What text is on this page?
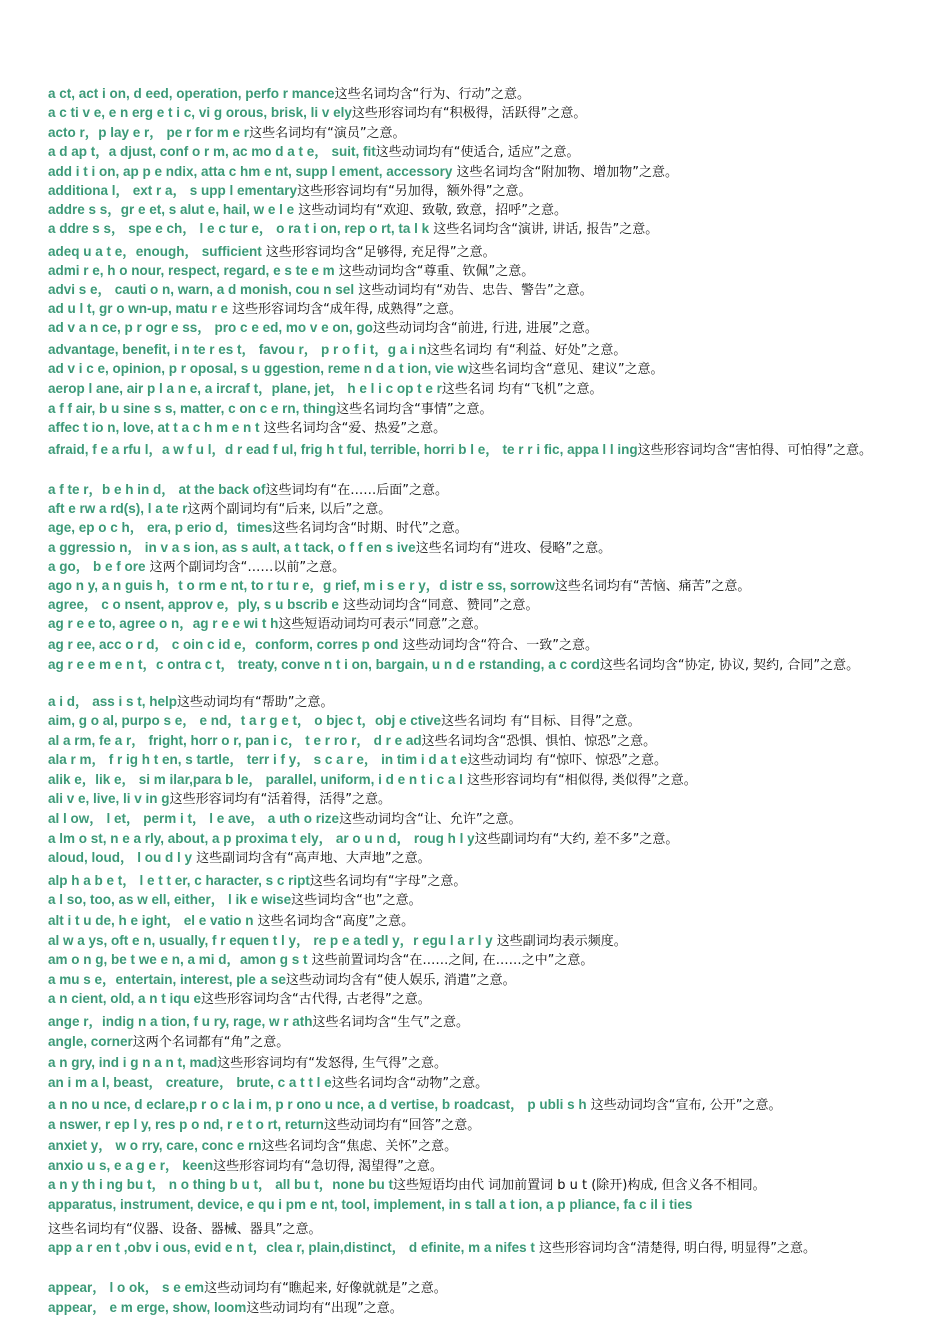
a ct, act i on, d eed, operation, perfo r mance这些名词均含“行为、行动”之意。
a c ti v e, e n erg e t i c, vi g orous, brisk, li v ely这些形容词均有“积极得，活跃得”之意。
acto r，p lay e r， pe r for m e r这些名词均有“演员”之意。
a d ap t，a djust, conf o r m, ac mo d a t e， suit, fit这些动词均有“使适合, 适应”之意。
add i t i on, ap p e ndix, atta c hm e nt, supp l ement, accessory 这些名词均含“附加物、增加物”之意。
additiona l， ext r a， s upp l ementary这些形容词均有“另加得，额外得”之意。
addre s s，gr e et, s alut e, hail, w e l e 这些动词均有“欢迎、致敬, 致意，招呼”之意。
a ddre s s， spe e ch， l e c tur e， o ra t i on, rep o rt, ta l k 这些名词均含“演讲, 讲话, 报告”之意。
adeq u a t e，enough， sufficient 这些形容词均含“足够得, 充足得”之意。
admi r e, h o nour, respect, regard, e s te e m 这些动词均含“尊重、钦佩”之意。
advi s e， cauti o n, warn, a d monish, cou n sel 这些动词均有“劝告、忠告、警告”之意。
ad u l t, gr o wn-up, matu r e 这些形容词均含“成年得, 成熟得”之意。
ad v a n ce, p r ogr e ss， pro c e ed, mo v e on, go这些动词均含“前进, 行进, 进展”之意。
advantage, benefit, i n te r es t， favou r， p r o f i t，g a i n这些名词均 有“利益、好处”之意。
ad v i c e, opinion, p r oposal, s u ggestion, reme n d a t ion, vie w这些名词均含“意见、建议”之意。
aerop l ane, air p l a n e, a ircraf t，plane, jet， h e l i c op t e r这些名词 均有“飞机”之意。
a f f air, b u sine s s, matter, c on c e rn, thing这些名词均含“事情”之意。
affec t io n, love, at t a c h m e n t 这些名词均含“爱、热爱”之意。
afraid, f e a rfu l，a w f u l，d r ead f ul, frig h t ful, terrible, horri b l e， te r r i fic, appa l l ing这些形容词均含“害怕得、可怕得”之意。
a f te r，b e h in d， at the back of这些词均有“在……后面”之意。
aft e rw a rd(s), l a te r这两个副词均有“后来, 以后”之意。
age, ep o c h， era, p erio d，times这些名词均含“时期、时代”之意。
a ggressio n， in v a s ion, as s ault, a t tack, o f f en s ive这些名词均有“进攻、侵略”之意。
a go， b e f ore 这两个副词均含“……以前”之意。
ago n y, a n guis h，t o rm e nt, to r tu r e，g rief, m i s e r y，d istr e ss, sorrow这些名词均有“苦恼、痛苦”之意。
agree， c o nsent, approv e，ply, s u bscrib e 这些动词均含“同意、赞同”之意。
ag r e e to, agree o n，ag r e e wi t h这些短语动词均可表示“同意”之意。
ag r ee, acc o r d， c oin c id e，conform, corres p ond 这些动词均含“符合、一致”之意。
ag r e e m e n t，c ontra c t， treaty, conve n t i on, bargain, u n d e rstanding, a c cord这些名词均含“协定, 协议, 契约, 合同”之意。
a i d， ass i s t, help这些动词均有“帮助”之意。
aim, g o al, purpo s e， e nd，t a r g e t， o bjec t，obj e ctive这些名词均 有“目标、目得”之意。
al a rm, fe a r， fright, horr o r, pan i c， t e r ro r， d r e ad这些名词均含“恐惧、惧怕、惊恐”之意。
ala r m， f r ig h t en, s tartle， terr i f y， s c a r e， in tim i d a t e这些动词均 有“惊吓、惊恐”之意。
alik e，lik e， si m ilar,para b le， parallel, uniform, i d e n t i c a l 这些形容词均有“相似得, 类似得”之意。
ali v e, live, li v in g这些形容词均有“活着得，活得”之意。
al l ow， l et， perm i t， l e ave， a uth o rize这些动词均含“让、允许”之意。
a lm o st, n e a rly, about, a p proxima t ely， ar o u n d， roug h l y这些副词均有“大约, 差不多”之意。
aloud, loud， l ou d l y 这些副词均含有“高声地、大声地”之意。
alp h a b e t， l e t t er, c haracter, s c ript这些名词均有“字母”之意。
a l so, too, as w ell, either， l ik e wise这些词均含“也”之意。
alt i t u de, h e ight， el e vatio n 这些名词均含“高度”之意。
al w a ys, oft e n, usually, f r equen t l y， re p e a tedl y，r egu l a r l y 这些副词均表示频度。
am o n g, be t we e n, a mi d，amon g s t 这些前置词均含“在……之间, 在……之中”之意。
a mu s e，entertain, interest, ple a se这些动词均含有“使人娱乐, 消遣”之意。
a n cient, old, a n t iqu e这些形容词均含“古代得, 古老得”之意。
ange r，indig n a tion, f u ry, rage, w r ath这些名词均含“生气”之意。
angle, corner这两个名词都有“角”之意。
a n gry, ind i g n a n t, mad这些形容词均有“发怒得, 生气得”之意。
an i m a l, beast， creature， brute, c a t t l e这些名词均含“动物”之意。
a n no u nce, d eclare,p r o c la i m, p r ono u nce, a d vertise, b roadcast， p ubli s h 这些动词均含“宣布, 公开”之意。
a nswer, r ep l y, res p o nd, r e t o rt, return这些动词均有“回答”之意。
anxiet y， w o rry, care, conc e rn这些名词均含“焦虑、关怀”之意。
anxio u s, e a g e r， keen这些形容词均有“急切得, 渴望得”之意。
a n y th i ng bu t， n o thing b u t， all bu t，none bu t这些短语均由代 词加前置词 b u t (除开)构成, 但含义各不相同。
apparatus, instrument, device, e qu i pm e nt, tool, implement, in s tall a t ion, a p pliance, fa c il i ties
这些名词均有“仪器、设备、器械、器具”之意。
app a r en t ,obv i ous, evid e n t，clea r, plain,distinct， d efinite, m a nifes t 这些形容词均含“清楚得, 明白得, 明显得”之意。
appear， l o ok， s e em这些动词均有“瞧起来, 好像就就是”之意。
appear， e m erge, show, loom这些动词均有“出现”之意。
